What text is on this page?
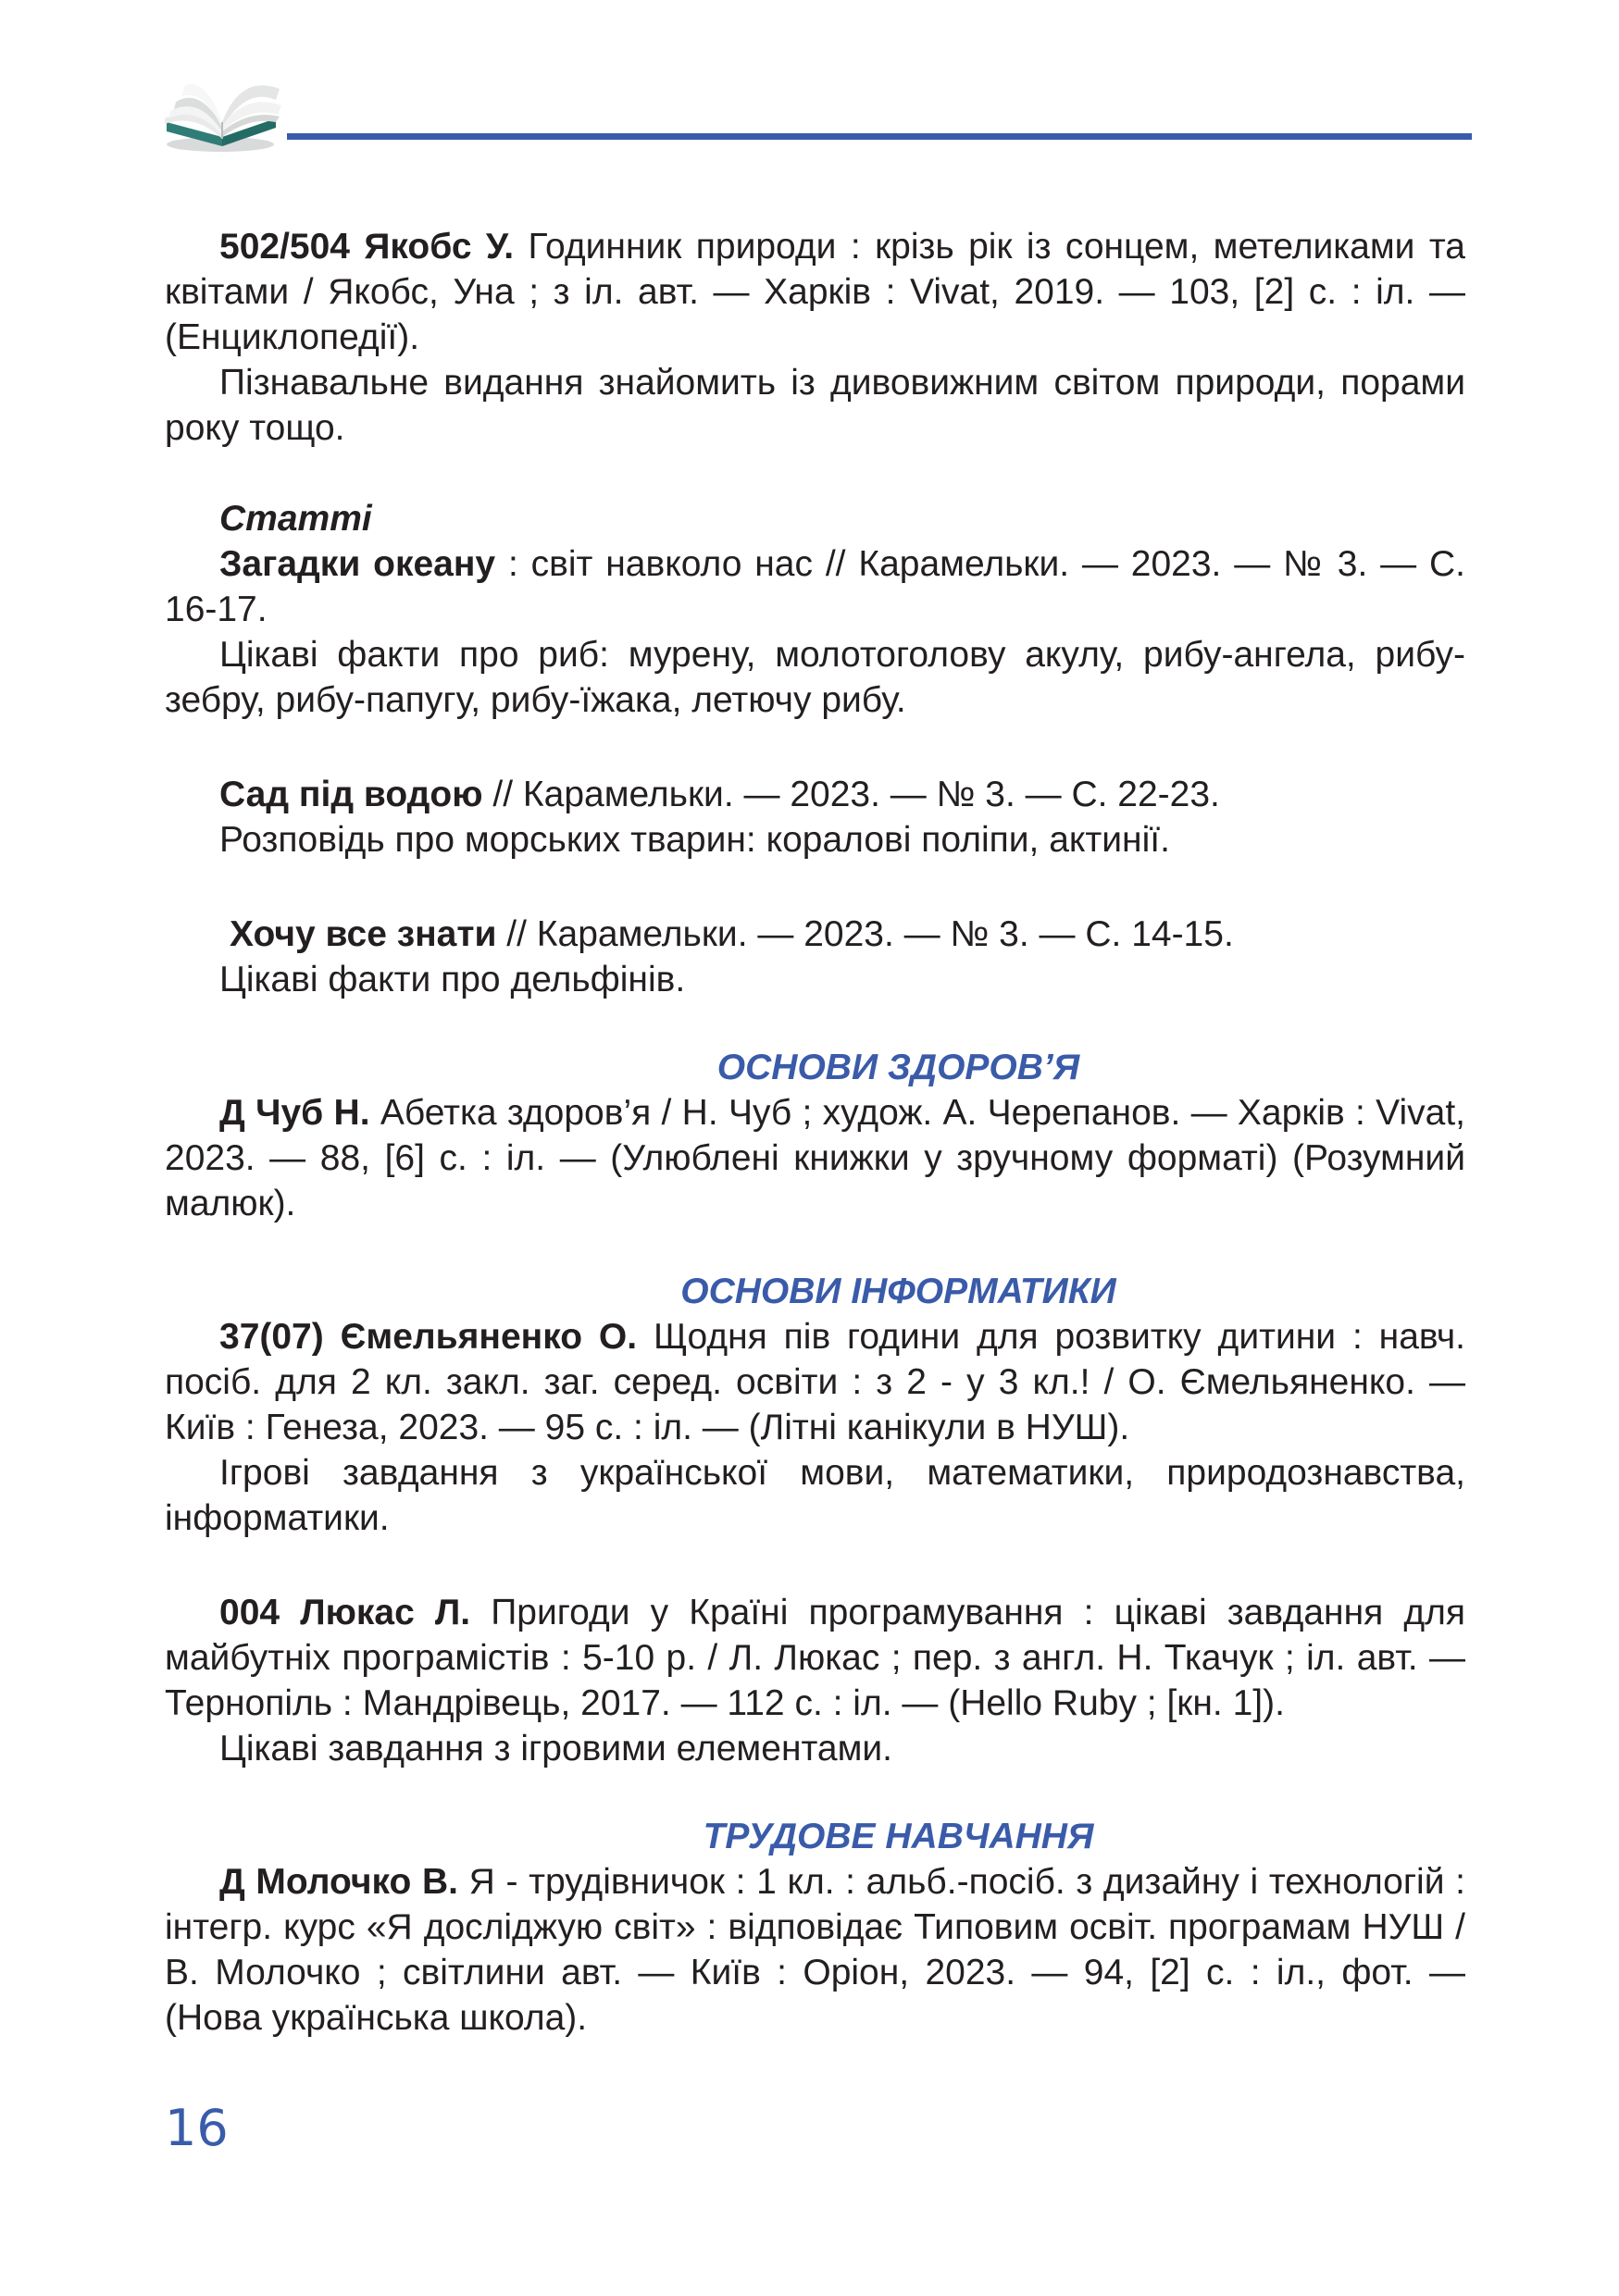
502/504 Якобс У. Годинник природи : крізь рік із сонцем, метеликами та квітами / Якобс, Уна ; з іл. авт. — Харків : Vivat, 2019. — 103, [2] с. : іл. — (Енциклопедії).

Пізнавальне видання знайомить із дивовижним світом природи, порами року тощо.

Статті

Загадки океану : світ навколо нас // Карамельки. — 2023. — № 3. — С. 16-17.

Цікаві факти про риб: мурену, молотоголову акулу, рибу-ангела, рибу-зебру, рибу-папугу, рибу-їжака, летючу рибу.

Сад під водою // Карамельки. — 2023. — № 3. — С. 22-23.

Розповідь про морських тварин: коралові поліпи, актинії.

Хочу все знати // Карамельки. — 2023. — № 3. — С. 14-15.

Цікаві факти про дельфінів.

ОСНОВИ ЗДОРОВ’Я

Д Чуб Н. Абетка здоров’я / Н. Чуб ; худож. А. Черепанов. — Харків : Vivat, 2023. — 88, [6] с. : іл. — (Улюблені книжки у зручному форматі) (Розумний малюк).

ОСНОВИ ІНФОРМАТИКИ

37(07) Ємельяненко О. Щодня пів години для розвитку дитини : навч. посіб. для 2 кл. закл. заг. серед. освіти : з 2 - у 3 кл.! / О. Ємельяненко. — Київ : Генеза, 2023. — 95 с. : іл. — (Літні канікули в НУШ).

Ігрові завдання з української мови, математики, природознавства, інформатики.

004 Люкас Л. Пригоди у Країні програмування : цікаві завдання для майбутніх програмістів : 5-10 р. / Л. Люкас ; пер. з англ. Н. Ткачук ; іл. авт. — Тернопіль : Мандрівець, 2017. — 112 с. : іл. — (Hello Ruby ; [кн. 1]).

Цікаві завдання з ігровими елементами.

ТРУДОВЕ НАВЧАННЯ

Д Молочко В. Я - трудівничок : 1 кл. : альб.-посіб. з дизайну і технологій : інтегр. курс «Я досліджую світ» : відповідає Типовим освіт. програмам НУШ / В. Молочко ; світлини авт. — Київ : Оріон, 2023. — 94, [2] с. : іл., фот. — (Нова українська школа).

16
